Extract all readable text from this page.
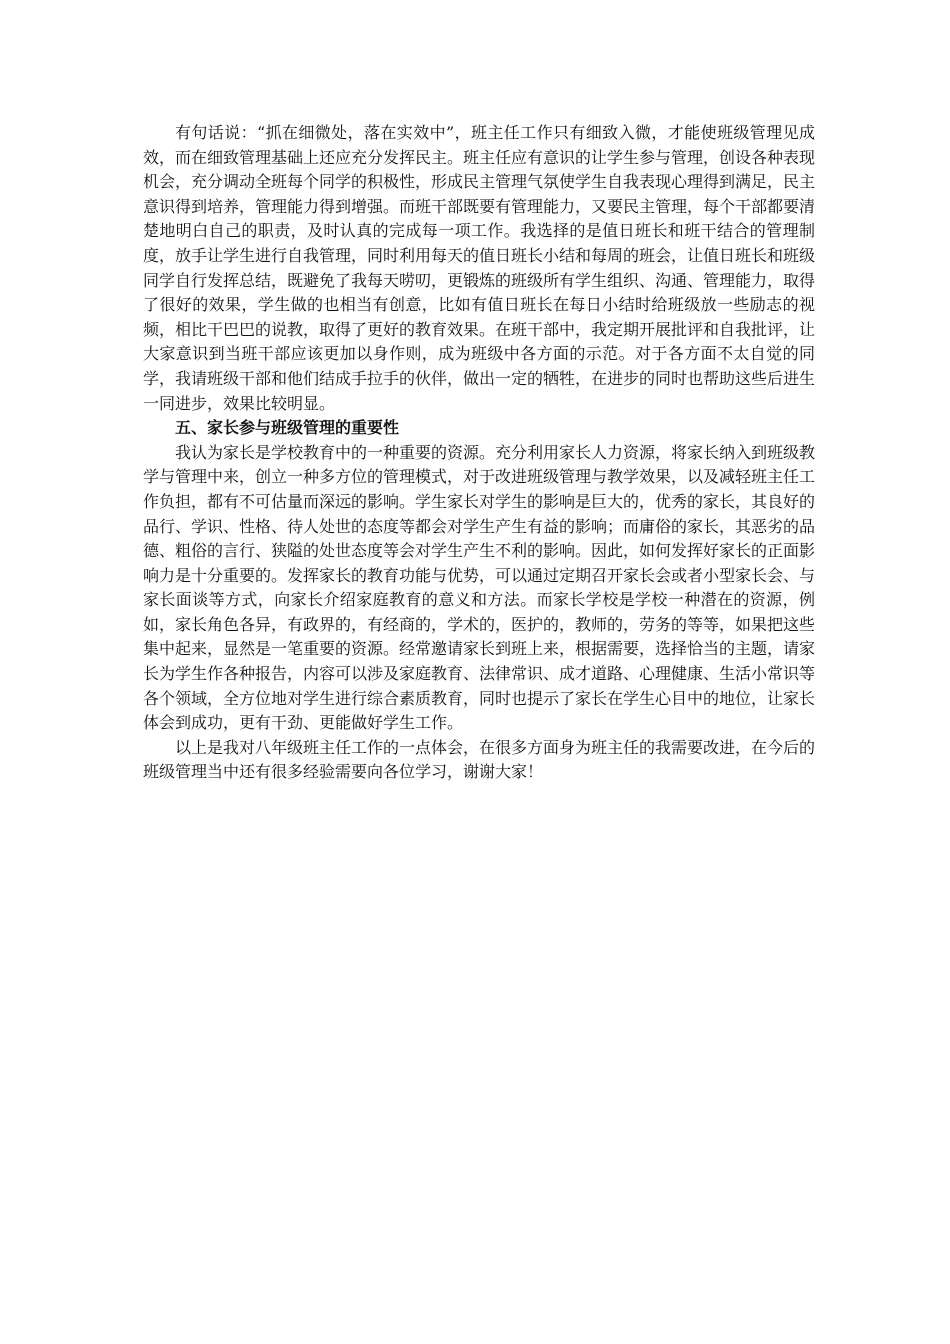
有句话说：“抓在细微处，落在实效中”，班主任工作只有细致入微，才能使班级管理见成效，而在细致管理基础上还应充分发挥民主。班主任应有意识的让学生参与管理，创设各种表现机会，充分调动全班每个同学的积极性，形成民主管理气氛使学生自我表现心理得到满足，民主意识得到培养，管理能力得到增强。而班干部既要有管理能力，又要民主管理，每个干部都要清楚地明白自己的职责，及时认真的完成每一项工作。我选择的是值日班长和班干结合的管理制度，放手让学生进行自我管理，同时利用每天的值日班长小结和每周的班会，让值日班长和班级同学自行发挥总结，既避免了我每天唠叨，更锻炼的班级所有学生组织、沟通、管理能力，取得了很好的效果，学生做的也相当有创意，比如有值日班长在每日小结时给班级放一些励志的视频，相比干巴巴的说教，取得了更好的教育效果。在班干部中，我定期开展批评和自我批评，让大家意识到当班干部应该更加以身作则，成为班级中各方面的示范。对于各方面不太自觉的同学，我请班级干部和他们结成手拉手的伙伴，做出一定的牺牲，在进步的同时也帮助这些后进生一同进步，效果比较明显。

五、家长参与班级管理的重要性

我认为家长是学校教育中的一种重要的资源。充分利用家长人力资源，将家长纳入到班级教学与管理中来，创立一种多方位的管理模式，对于改进班级管理与教学效果，以及减轻班主任工作负担，都有不可估量而深远的影响。学生家长对学生的影响是巨大的，优秀的家长，其良好的品行、学识、性格、待人处世的态度等都会对学生产生有益的影响；而庸俗的家长，其恶劣的品德、粗俗的言行、狭隘的处世态度等会对学生产生不利的影响。因此，如何发挥好家长的正面影响力是十分重要的。发挥家长的教育功能与优势，可以通过定期召开家长会或者小型家长会、与家长面谈等方式，向家长介绍家庭教育的意义和方法。而家长学校是学校一种潜在的资源，例如，家长角色各异，有政界的，有经商的，学术的，医护的，教师的，劳务的等等，如果把这些集中起来，显然是一笔重要的资源。经常邀请家长到班上来，根据需要，选择恰当的主题，请家长为学生作各种报告，内容可以涉及家庭教育、法律常识、成才道路、心理健康、生活小常识等各个领域，全方位地对学生进行综合素质教育，同时也提示了家长在学生心目中的地位，让家长体会到成功，更有干劲、更能做好学生工作。

以上是我对八年级班主任工作的一点体会，在很多方面身为班主任的我需要改进，在今后的班级管理当中还有很多经验需要向各位学习，谢谢大家！
